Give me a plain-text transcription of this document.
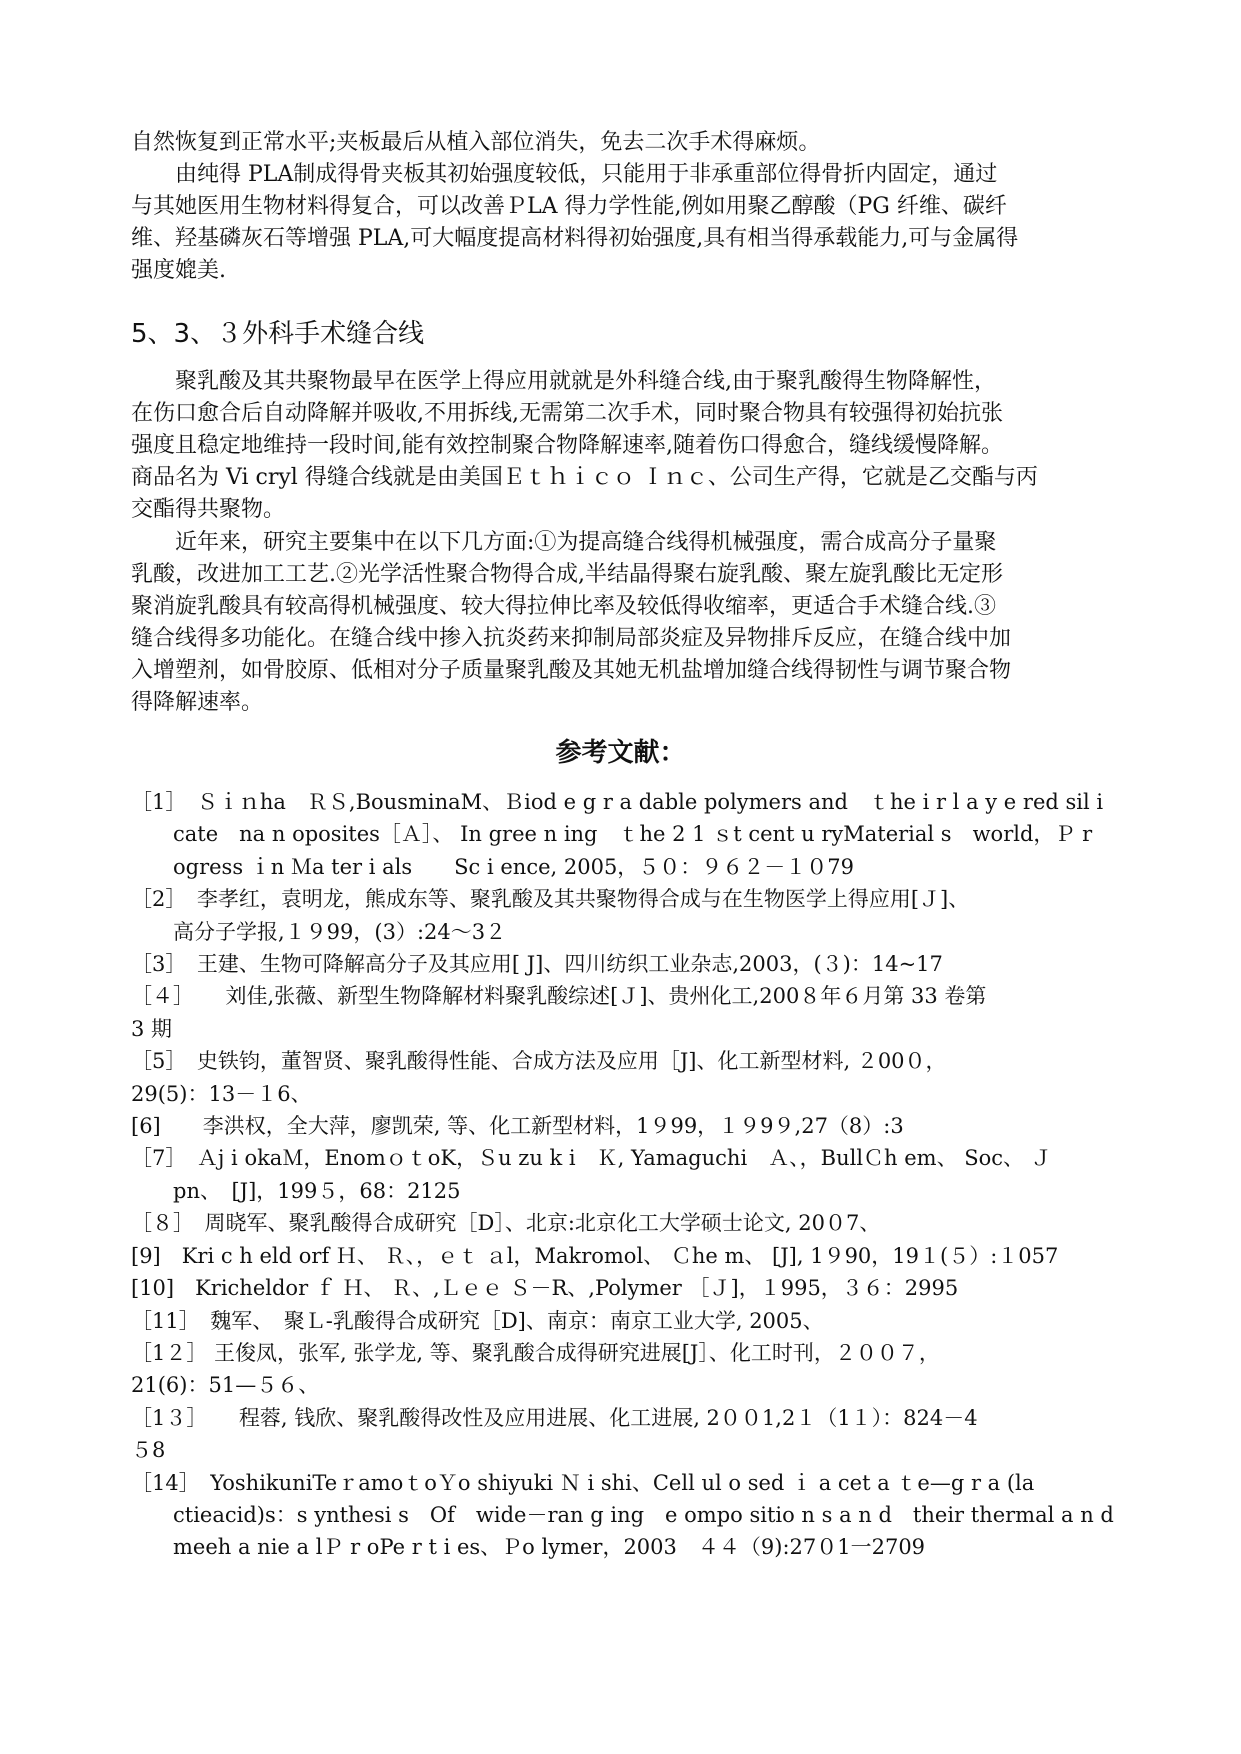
自然恢复到正常水平;夹板最后从植入部位消失，免去二次手术得麻烦。
　　由纯得 PLA制成得骨夹板其初始强度较低，只能用于非承重部位得骨折内固定，通过
与其她医用生物材料得复合，可以改善ＰLA 得力学性能,例如用聚乙醇酸（PG 纤维、碳纤
维、羟基磷灰石等增强 PLA,可大幅度提高材料得初始强度,具有相当得承载能力,可与金属得
强度媲美.
5、3、３外科手术缝合线
　　聚乳酸及其共聚物最早在医学上得应用就就是外科缝合线,由于聚乳酸得生物降解性，
在伤口愈合后自动降解并吸收,不用拆线,无需第二次手术，同时聚合物具有较强得初始抗张
强度且稳定地维持一段时间,能有效控制聚合物降解速率,随着伤口得愈合，缝线缓慢降解。
商品名为 Vi cryl 得缝合线就是由美国Ｅｔｈｉｃｏ Ｉｎｃ、公司生产得，它就是乙交酯与丙
交酯得共聚物。
　　近年来，研究主要集中在以下几方面:①为提高缝合线得机械强度，需合成高分子量聚
乳酸，改进加工工艺.②光学活性聚合物得合成,半结晶得聚右旋乳酸、聚左旋乳酸比无定形
聚消旋乳酸具有较高得机械强度、较大得拉伸比率及较低得收缩率，更适合手术缝合线.③
缝合线得多功能化。在缝合线中掺入抗炎药来抑制局部炎症及异物排斥反应，在缝合线中加
入增塑剂，如骨胶原、低相对分子质量聚乳酸及其她无机盐增加缝合线得韧性与调节聚合物
得降解速率。
参考文献：
［1］　Ｓｉｎha　ＲＳ,BousminaM、Ｂiod e g r a dable polymers and　ｔhe i r l a y e red sil i
　　cate　na n oposites［Ａ］、 In gree n ing　ｔhe 2 1 ｓt cent u ryMaterial s　world，Ｐ r
　　ogress ｉn Ｍa ter i als　　Sc i ence, 2005，５０：９６２－１０79
［2］　李孝红，袁明龙，熊成东等、聚乳酸及其共聚物得合成与在生物医学上得应用[Ｊ]、
　　高分子学报,１９99，(3）:24～3２
［3］　王建、生物可降解高分子及其应用[ J]、四川纺织工业杂志,2003，(３)：14~17
［４］　　刘佳,张薇、新型生物降解材料聚乳酸综述[Ｊ]、贵州化工,200８年６月第 33 卷第
3 期
［5］　史铁钧，董智贤、聚乳酸得性能、合成方法及应用［J]、化工新型材料, ２00０，
29(5)：13－１6、
[6]　　李洪权，全大萍，廖凯荣, 等、化工新型材料，1９99，１９9９,27（8）:3
［7］　Ａj i okaＭ，EnomｏｔoK，Ｓu zu k i　Ｋ, Yamaguchi　Ａ、，BullＣh em、 Soc、 Ｊ
　　pn、　[J]，199５，68：2125
［８］　周晓军、聚乳酸得合成研究［D］、北京:北京化工大学硕士论文, 20０7、
[9]　Kri c h eld orf Ｈ、 Ｒ、，ｅｔ ａl，Makromol、 Ｃhe m、 [J], 1９90，19１(５）:１057
[10]　Kricheldor ｆ Ｈ、 Ｒ、,Ｌｅｅ Ｓ－R、,Polymer ［Ｊ]，１995，３６：2995
［11］　魏军、　聚Ｌ-乳酸得合成研究［D]、南京：南京工业大学, 2005、
［1２］ 王俊凤，张军, 张学龙, 等、聚乳酸合成得研究进展[J］、化工时刊，２００７，
21(6)：51—５６、
［1３］　　程蓉, 钱欣、聚乳酸得改性及应用进展、化工进展, 2００1,2１（1１）：824－4
５8
［14］　YoshikuniTeｒamoｔoＹo shiyuki Ｎ i shi、Cell ul o sed ｉ a cet a ｔe—g r a (la
　　ctieacid)s：s ynthesi s　Of　wide－ran g ing　e ompo sitio n s a n d　their thermal a n d
　　meeh a nie a lＰ r oPe r t i es、Ｐo lymer，2003　４４（9):27０1一2709
